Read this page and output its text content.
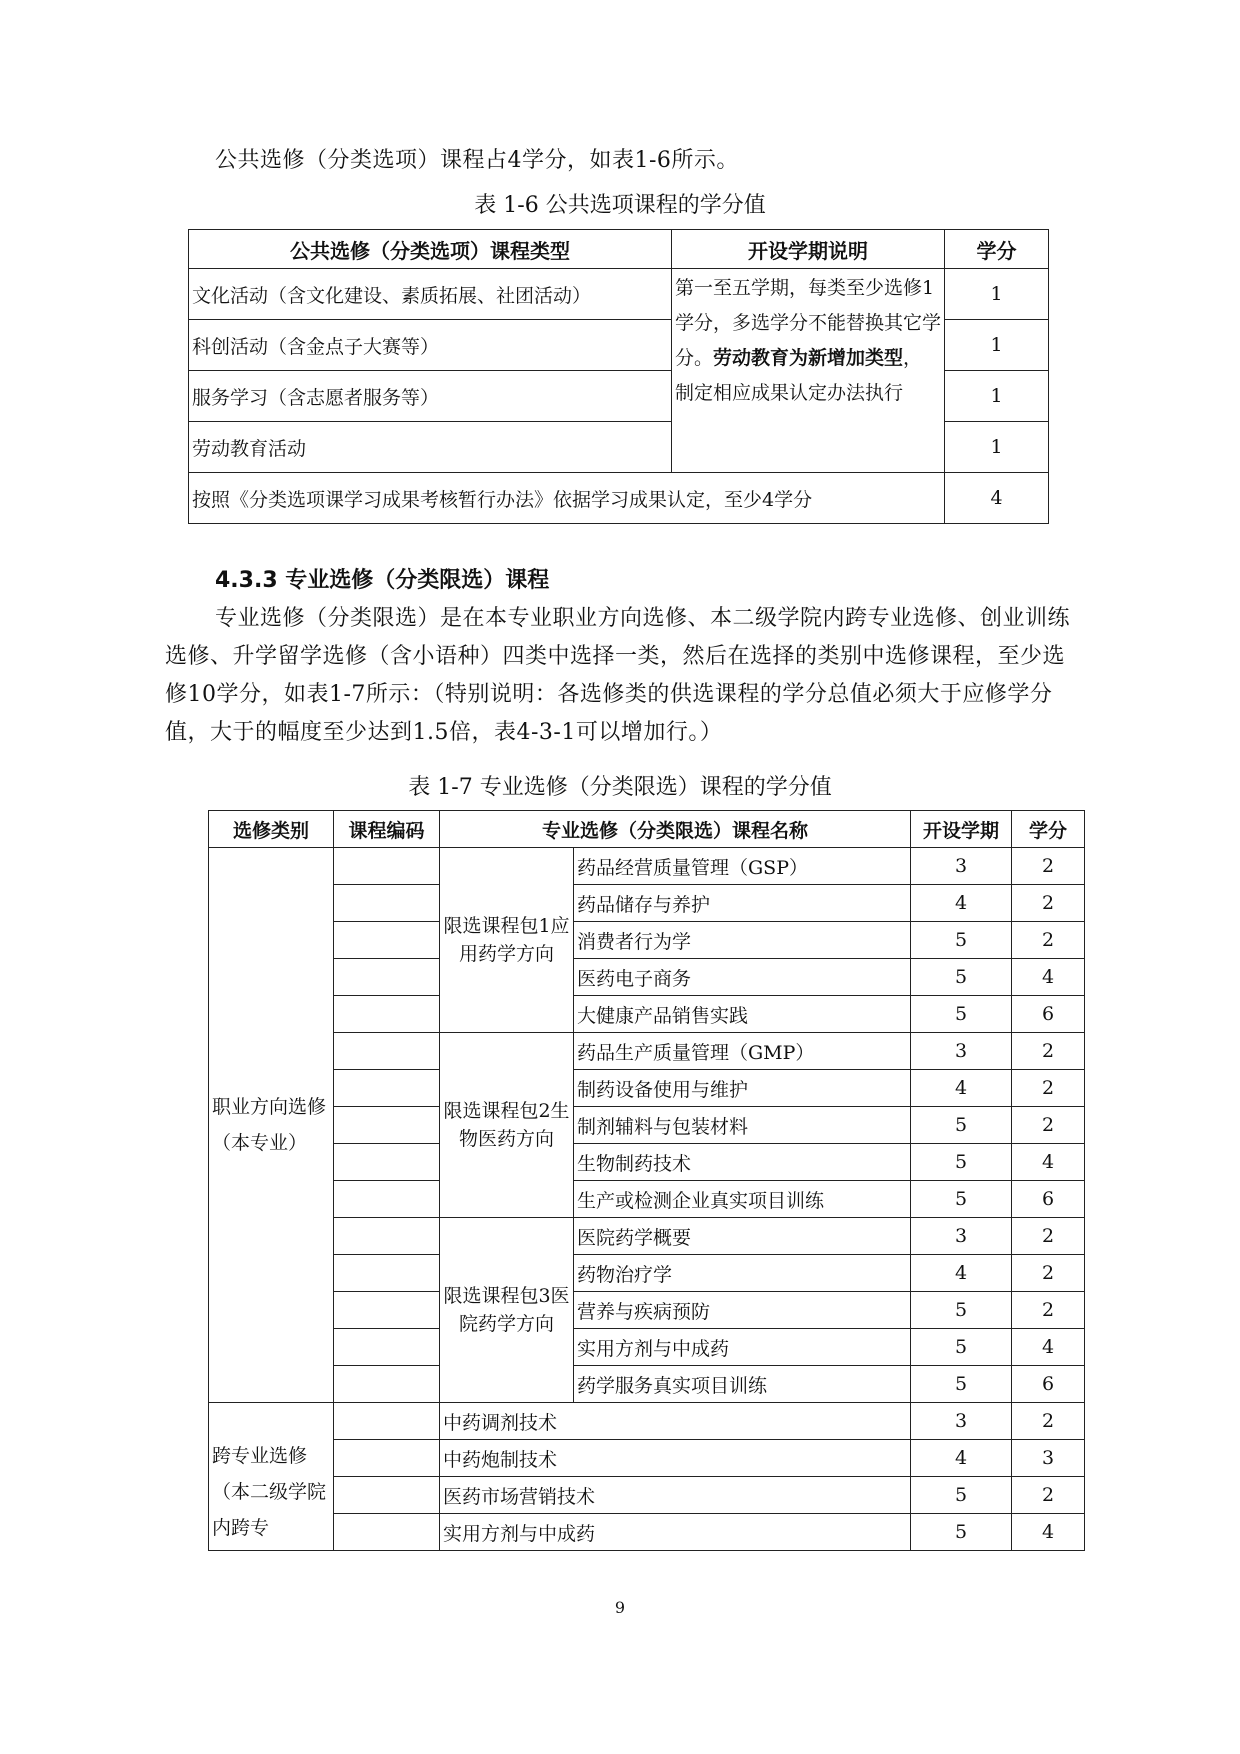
公共选修（分类选项）课程占4学分，如表1-6所示。
表 1-6 公共选项课程的学分值
公共选修（分类选项）课程类型	开设学期说明	学分
文化活动（含文化建设、素质拓展、社团活动）	第一至五学期，每类至少选修1学分，多选学分不能替换其它学分。劳动教育为新增加类型，制定相应成果认定办法执行	1
科创活动（含金点子大赛等）		1
服务学习（含志愿者服务等）		1
劳动教育活动		1
按照《分类选项课学习成果考核暂行办法》依据学习成果认定，至少4学分		4
4.3.3 专业选修（分类限选）课程
专业选修（分类限选）是在本专业职业方向选修、本二级学院内跨专业选修、创业训练选修、升学留学选修（含小语种）四类中选择一类，然后在选择的类别中选修课程，至少选修10学分，如表1-7所示：（特别说明：各选修类的供选课程的学分总值必须大于应修学分值，大于的幅度至少达到1.5倍，表4-3-1可以增加行。）
表 1-7 专业选修（分类限选）课程的学分值
选修类别	课程编码	专业选修（分类限选）课程名称		开设学期	学分
职业方向选修（本专业）		限选课程包1应用药学方向	药品经营质量管理（GSP）	3	2
			药品储存与养护	4	2
			消费者行为学	5	2
			医药电子商务	5	4
			大健康产品销售实践	5	6
		限选课程包2生物医药方向	药品生产质量管理（GMP）	3	2
			制药设备使用与维护	4	2
			制剂辅料与包装材料	5	2
			生物制药技术	5	4
			生产或检测企业真实项目训练	5	6
		限选课程包3医院药学方向	医院药学概要	3	2
			药物治疗学	4	2
			营养与疾病预防	5	2
			实用方剂与中成药	5	4
			药学服务真实项目训练	5	6
跨专业选修（本二级学院内跨专		中药调剂技术		3	2
		中药炮制技术		4	3
		医药市场营销技术		5	2
		实用方剂与中成药		5	4
9
